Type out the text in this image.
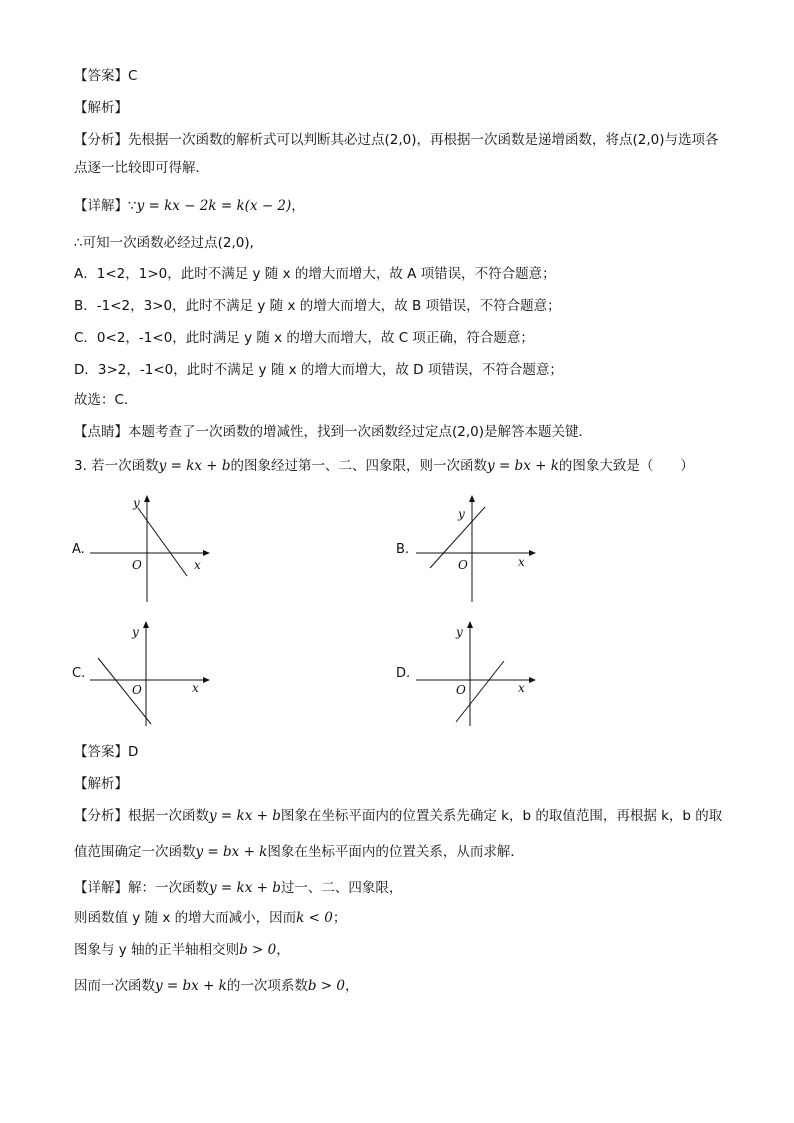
【答案】C
【解析】
【分析】先根据一次函数的解析式可以判断其必过点(2,0)，再根据一次函数是递增函数，将点(2,0)与选项各
点逐一比较即可得解．
【详解】∵y = kx − 2k = k(x − 2)，
∴可知一次函数必经过点(2,0),
A．1<2，1>0，此时不满足 y 随 x 的增大而增大，故 A 项错误，不符合题意；
B．-1<2，3>0，此时不满足 y 随 x 的增大而增大，故 B 项错误，不符合题意；
C．0<2，-1<0，此时满足 y 随 x 的增大而增大，故 C 项正确，符合题意；
D．3>2，-1<0，此时不满足 y 随 x 的增大而增大，故 D 项错误，不符合题意；
故选：C．
【点睛】本题考查了一次函数的增减性，找到一次函数经过定点(2,0)是解答本题关键．
3. 若一次函数y = kx + b的图象经过第一、二、四象限，则一次函数y = bx + k的图象大致是（　　）
A.
y
x
O
B.
y
x
O
C.
y
x
O
D.
y
x
O
【答案】D
【解析】
【分析】根据一次函数y = kx + b图象在坐标平面内的位置关系先确定 k，b 的取值范围，再根据 k，b 的取
值范围确定一次函数y = bx + k图象在坐标平面内的位置关系，从而求解．
【详解】解：一次函数y = kx + b过一、二、四象限，
则函数值 y 随 x 的增大而减小，因而k < 0；
图象与 y 轴的正半轴相交则b > 0，
因而一次函数y = bx + k的一次项系数b > 0，
